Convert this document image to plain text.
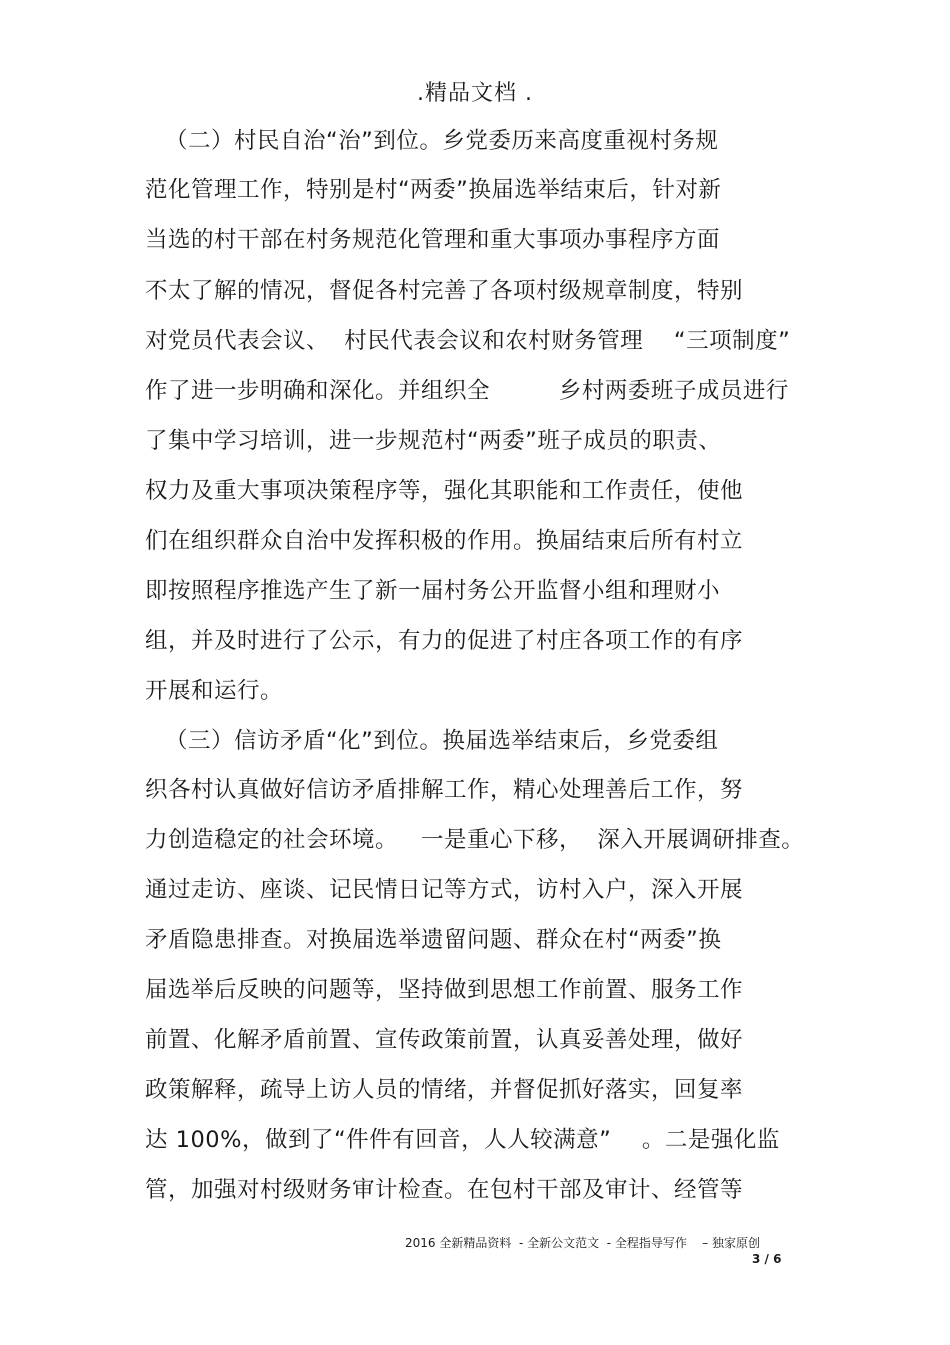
.精品文档 .
（二）村民自治“治”到位。乡党委历来高度重视村务规
范化管理工作，特别是村“两委”换届选举结束后，针对新
当选的村干部在村务规范化管理和重大事项办事程序方面
不太了解的情况，督促各村完善了各项村级规章制度，特别
对党员代表会议、  村民代表会议和农村财务管理    “三项制度”
作了进一步明确和深化。并组织全         乡村两委班子成员进行
了集中学习培训，进一步规范村“两委”班子成员的职责、
权力及重大事项决策程序等，强化其职能和工作责任，使他
们在组织群众自治中发挥积极的作用。换届结束后所有村立
即按照程序推选产生了新一届村务公开监督小组和理财小
组，并及时进行了公示，有力的促进了村庄各项工作的有序
开展和运行。
（三）信访矛盾“化”到位。换届选举结束后，乡党委组
织各村认真做好信访矛盾排解工作，精心处理善后工作，努
力创造稳定的社会环境。   一是重心下移，  深入开展调研排查。
通过走访、座谈、记民情日记等方式，访村入户，深入开展
矛盾隐患排查。对换届选举遗留问题、群众在村“两委”换
届选举后反映的问题等，坚持做到思想工作前置、服务工作
前置、化解矛盾前置、宣传政策前置，认真妥善处理，做好
政策解释，疏导上访人员的情绪，并督促抓好落实，回复率
达 100%，做到了“件件有回音，人人较满意”    。二是强化监
管，加强对村级财务审计检查。在包村干部及审计、经管等
2016 全新精品资料  - 全新公文范文  - 全程指导写作    – 独家原创
3 / 6
